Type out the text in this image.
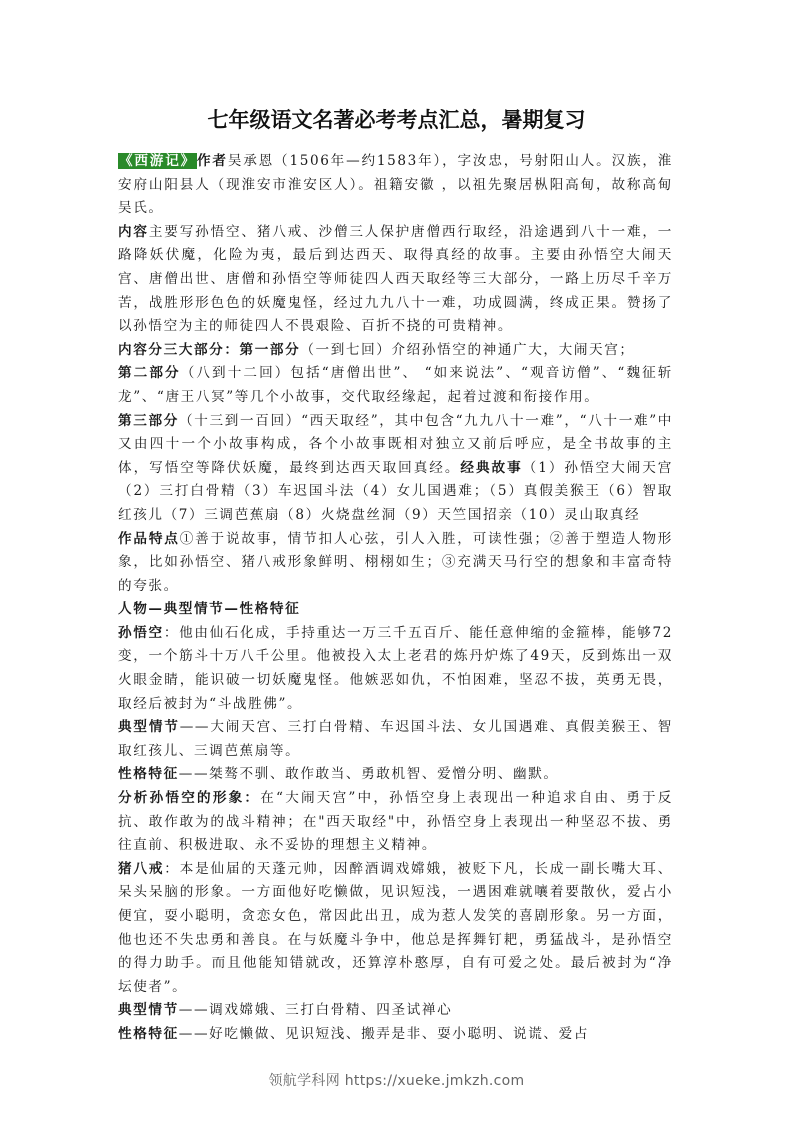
七年级语文名著必考考点汇总，暑期复习

《西游记》作者吴承恩（1506年—约1583年），字汝忠，号射阳山人。汉族，淮安府山阳县人（现淮安市淮安区人）。祖籍安徽 ，以祖先聚居枞阳高甸，故称高甸吴氏。

内容主要写孙悟空、猪八戒、沙僧三人保护唐僧西行取经，沿途遇到八十一难，一路降妖伏魔，化险为夷，最后到达西天、取得真经的故事。主要由孙悟空大闹天宫、唐僧出世、唐僧和孙悟空等师徒四人西天取经等三大部分，一路上历尽千辛万苦，战胜形形色色的妖魔鬼怪，经过九九八十一难，功成圆满，终成正果。赞扬了以孙悟空为主的师徒四人不畏艰险、百折不挠的可贵精神。

内容分三大部分：第一部分（一到七回）介绍孙悟空的神通广大，大闹天宫；

第二部分（八到十二回）包括“唐僧出世”、 “如来说法”、“观音访僧”、“魏征斩龙”、“唐王八冥”等几个小故事，交代取经缘起，起着过渡和衔接作用。

第三部分（十三到一百回）“西天取经”，其中包含“九九八十一难”，“八十一难”中又由四十一个小故事构成，各个小故事既相对独立又前后呼应，是全书故事的主体，写悟空等降伏妖魔，最终到达西天取回真经。经典故事（1）孙悟空大闹天宫（2）三打白骨精（3）车迟国斗法（4）女儿国遇难；（5）真假美猴王（6）智取红孩儿（7）三调芭蕉扇（8）火烧盘丝洞（9）天竺国招亲（10）灵山取真经

作品特点①善于说故事，情节扣人心弦，引人入胜，可读性强；②善于塑造人物形象，比如孙悟空、猪八戒形象鲜明、栩栩如生；③充满天马行空的想象和丰富奇特的夸张。

人物—典型情节—性格特征

孙悟空：他由仙石化成，手持重达一万三千五百斤、能任意伸缩的金箍棒，能够72变，一个筋斗十万八千公里。他被投入太上老君的炼丹炉炼了49天，反到炼出一双火眼金睛，能识破一切妖魔鬼怪。他嫉恶如仇，不怕困难，坚忍不拔，英勇无畏，取经后被封为“斗战胜佛”。

典型情节——大闹天宫、三打白骨精、车迟国斗法、女儿国遇难、真假美猴王、智取红孩儿、三调芭蕉扇等。

性格特征——桀骜不驯、敢作敢当、勇敢机智、爱憎分明、幽默。

分析孙悟空的形象：在“大闹天宫”中，孙悟空身上表现出一种追求自由、勇于反抗、敢作敢为的战斗精神；在"西天取经"中，孙悟空身上表现出一种坚忍不拔、勇往直前、积极进取、永不妥协的理想主义精神。

猪八戒：本是仙届的天蓬元帅，因醉酒调戏嫦娥，被贬下凡，长成一副长嘴大耳、呆头呆脑的形象。一方面他好吃懒做，见识短浅，一遇困难就嚷着要散伙，爱占小便宜，耍小聪明，贪恋女色，常因此出丑，成为惹人发笑的喜剧形象。另一方面，他也还不失忠勇和善良。在与妖魔斗争中，他总是挥舞钉耙，勇猛战斗，是孙悟空的得力助手。而且他能知错就改，还算淳朴憨厚，自有可爱之处。最后被封为“净坛使者”。

典型情节——调戏嫦娥、三打白骨精、四圣试禅心

性格特征——好吃懒做、见识短浅、搬弄是非、耍小聪明、说谎、爱占

领航学科网 https://xueke.jmkzh.com
